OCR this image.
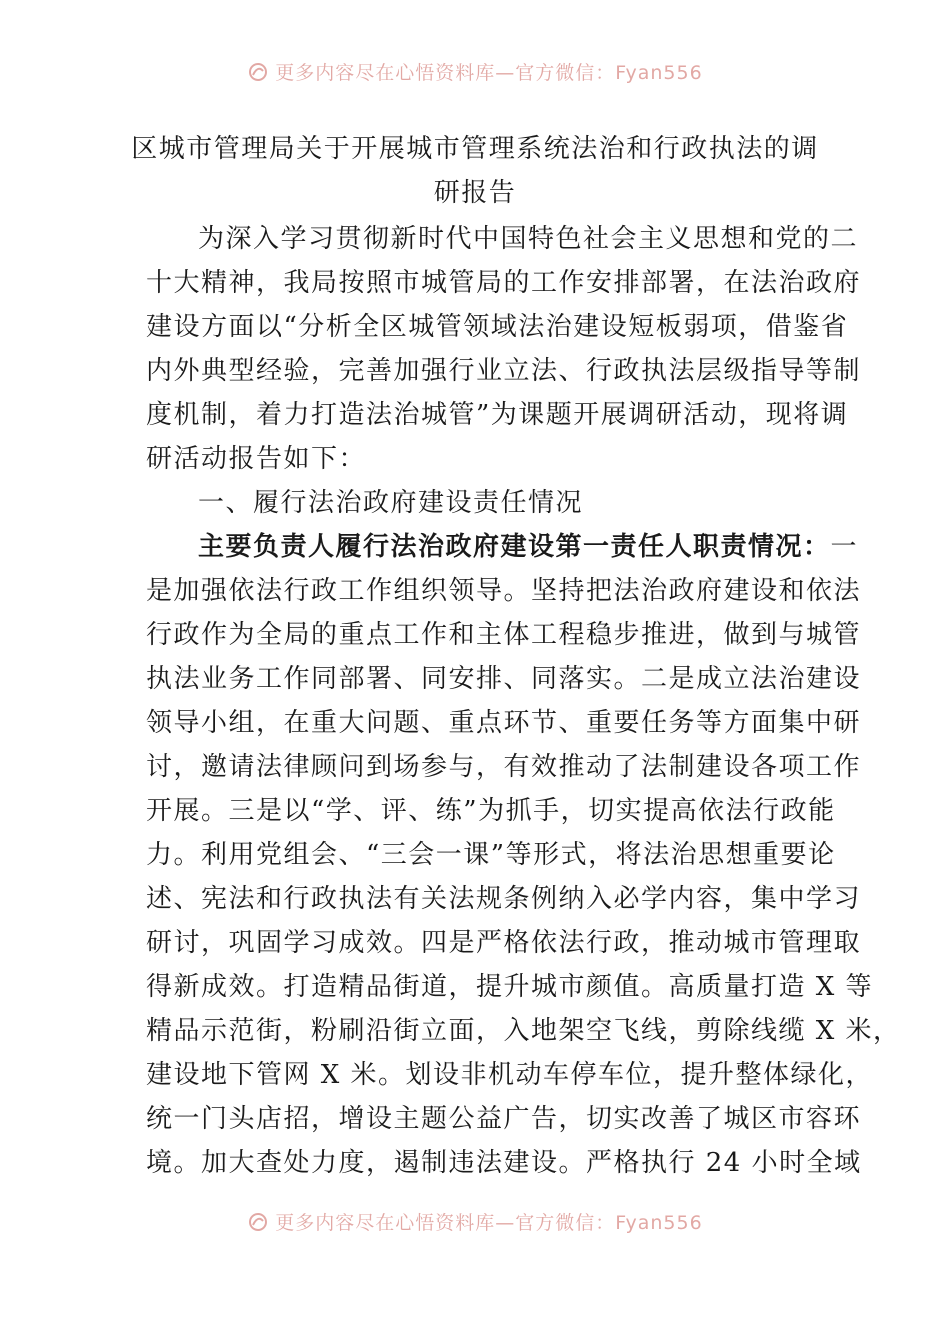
更多内容尽在心悟资料库—官方微信：Fyan556
区城市管理局关于开展城市管理系统法治和行政执法的调
研报告
为深入学习贯彻新时代中国特色社会主义思想和党的二
十大精神，我局按照市城管局的工作安排部署，在法治政府
建设方面以“分析全区城管领域法治建设短板弱项，借鉴省
内外典型经验，完善加强行业立法、行政执法层级指导等制
度机制，着力打造法治城管”为课题开展调研活动，现将调
研活动报告如下：
一、履行法治政府建设责任情况
主要负责人履行法治政府建设第一责任人职责情况：一
是加强依法行政工作组织领导。坚持把法治政府建设和依法
行政作为全局的重点工作和主体工程稳步推进，做到与城管
执法业务工作同部署、同安排、同落实。二是成立法治建设
领导小组，在重大问题、重点环节、重要任务等方面集中研
讨，邀请法律顾问到场参与，有效推动了法制建设各项工作
开展。三是以“学、评、练”为抓手，切实提高依法行政能
力。利用党组会、“三会一课”等形式，将法治思想重要论
述、宪法和行政执法有关法规条例纳入必学内容，集中学习
研讨，巩固学习成效。四是严格依法行政，推动城市管理取
得新成效。打造精品街道，提升城市颜值。高质量打造 X 等
精品示范街，粉刷沿街立面，入地架空飞线，剪除线缆 X 米，
建设地下管网 X 米。划设非机动车停车位，提升整体绿化，
统一门头店招，增设主题公益广告，切实改善了城区市容环
境。加大查处力度，遏制违法建设。严格执行 24 小时全域
更多内容尽在心悟资料库—官方微信：Fyan556
